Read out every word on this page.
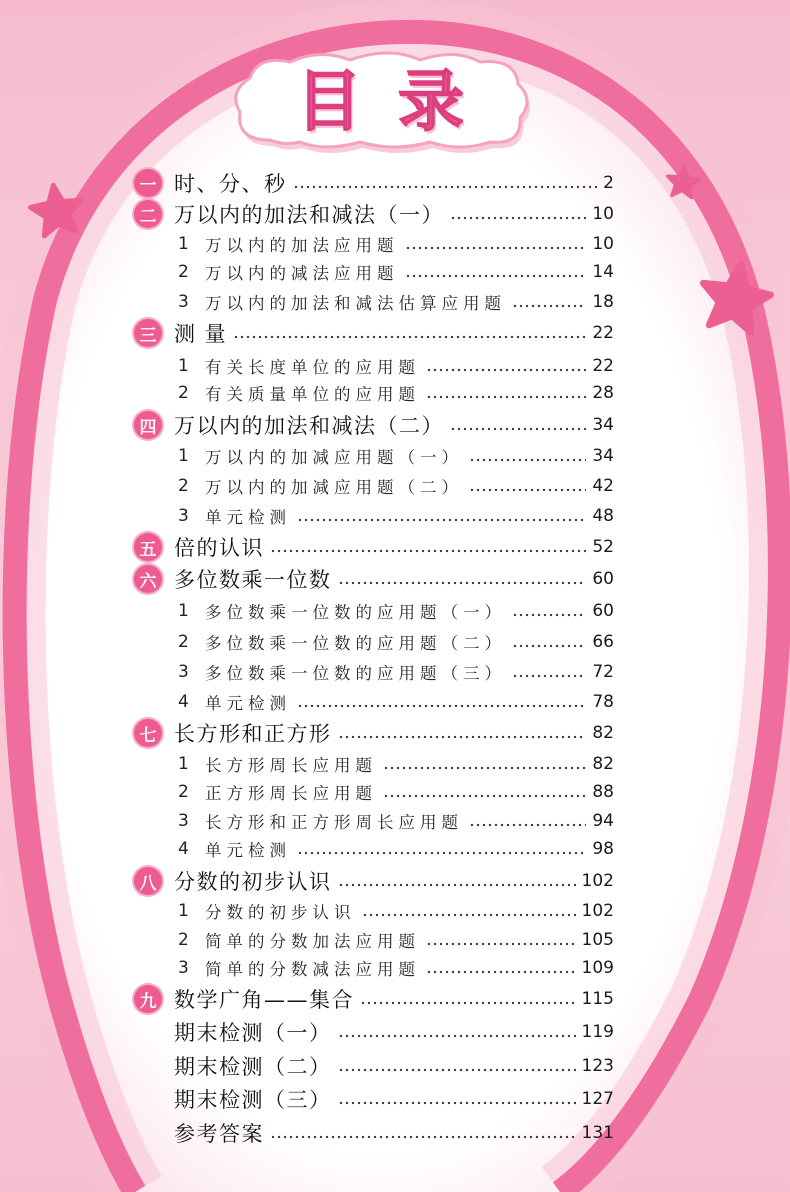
目录
一 时、分、秒	2
二 万以内的加法和减法（一）	10
1 万以内的加法应用题	10
2 万以内的减法应用题	14
3 万以内的加法和减法估算应用题	18
三 测 量	22
1 有关长度单位的应用题	22
2 有关质量单位的应用题	28
四 万以内的加法和减法（二）	34
1 万以内的加减应用题（一）	34
2 万以内的加减应用题（二）	42
3 单元检测	48
五 倍的认识	52
六 多位数乘一位数	60
1 多位数乘一位数的应用题（一）	60
2 多位数乘一位数的应用题（二）	66
3 多位数乘一位数的应用题（三）	72
4 单元检测	78
七 长方形和正方形	82
1 长方形周长应用题	82
2 正方形周长应用题	88
3 长方形和正方形周长应用题	94
4 单元检测	98
八 分数的初步认识	102
1 分数的初步认识	102
2 简单的分数加法应用题	105
3 简单的分数减法应用题	109
九 数学广角——集合	115
期末检测（一）	119
期末检测（二）	123
期末检测（三）	127
参考答案	131
